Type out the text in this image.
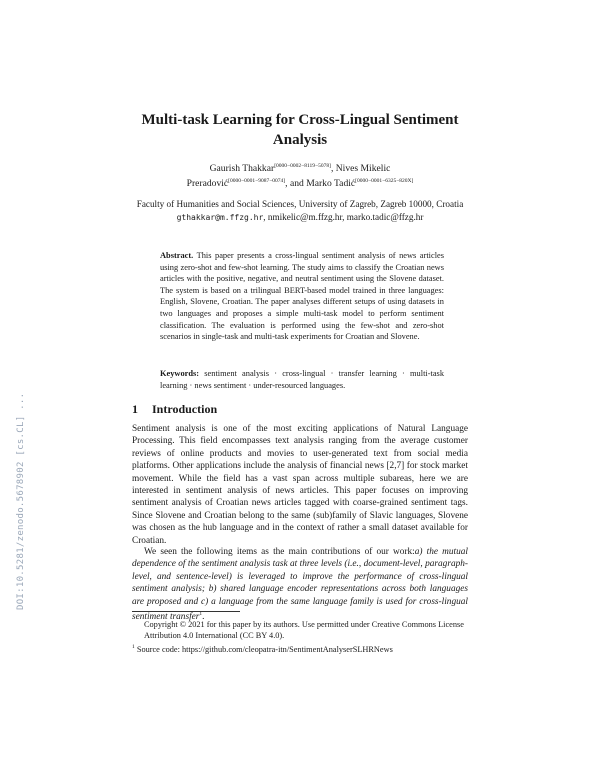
DOI:10.5281/zenodo.5678902 [cs.CL] ...
Multi-task Learning for Cross-Lingual Sentiment Analysis
Gaurish Thakkar[0000−0002−8119−5078], Nives Mikelic
Preradović[0000−0001−9087−0074], and Marko Tadić[0000−0001−6325−820X]
Faculty of Humanities and Social Sciences, University of Zagreb, Zagreb 10000, Croatia
gthakkar@m.ffzg.hr, nmikelic@m.ffzg.hr, marko.tadic@ffzg.hr
Abstract. This paper presents a cross-lingual sentiment analysis of news articles using zero-shot and few-shot learning. The study aims to classify the Croatian news articles with the positive, negative, and neutral sentiment using the Slovene dataset. The system is based on a trilingual BERT-based model trained in three languages: English, Slovene, Croatian. The paper analyses different setups of using datasets in two languages and proposes a simple multi-task model to perform sentiment classification. The evaluation is performed using the few-shot and zero-shot scenarios in single-task and multi-task experiments for Croatian and Slovene.
Keywords: sentiment analysis · cross-lingual · transfer learning · multi-task learning · news sentiment · under-resourced languages.
1 Introduction

Sentiment analysis is one of the most exciting applications of Natural Language Processing. This field encompasses text analysis ranging from the average customer reviews of online products and movies to user-generated text from social media platforms. Other applications include the analysis of financial news [2,7] for stock market movement. While the field has a vast span across multiple subareas, here we are interested in sentiment analysis of news articles. This paper focuses on improving sentiment analysis of Croatian news articles tagged with coarse-grained sentiment tags. Since Slovene and Croatian belong to the same (sub)family of Slavic languages, Slovene was chosen as the hub language and in the context of rather a small dataset available for Croatian.

We seen the following items as the main contributions of our work:a) the mutual dependence of the sentiment analysis task at three levels (i.e., document-level, paragraph-level, and sentence-level) is leveraged to improve the performance of cross-lingual sentiment analysis; b) shared language encoder representations across both languages are proposed and c) a language from the same language family is used for cross-lingual sentiment transfer$^1$.

Copyright © 2021 for this paper by its authors. Use permitted under Creative Commons License Attribution 4.0 International (CC BY 4.0).
$^1$ Source code: https://github.com/cleopatra-itn/SentimentAnalyserSLHRNews
